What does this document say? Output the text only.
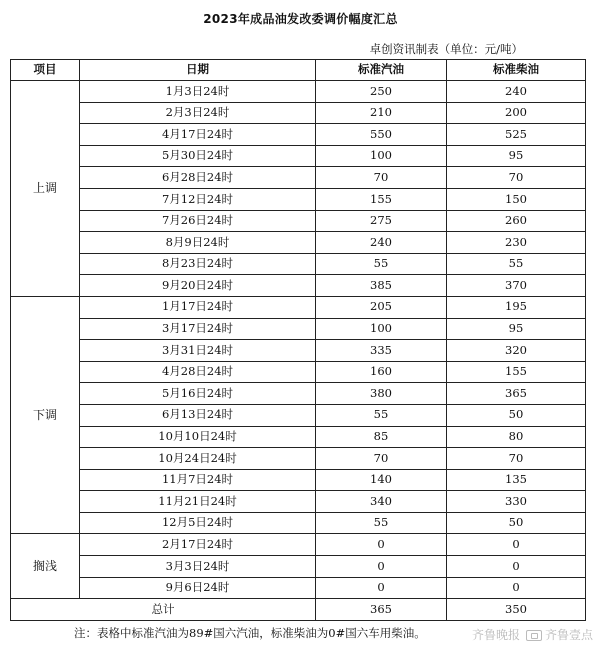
2023年成品油发改委调价幅度汇总
卓创资讯制表（单位：元/吨）
项目	日期	标准汽油	标准柴油
上调	1月3日24时	250	240
	2月3日24时	210	200
	4月17日24时	550	525
	5月30日24时	100	95
	6月28日24时	70	70
	7月12日24时	155	150
	7月26日24时	275	260
	8月9日24时	240	230
	8月23日24时	55	55
	9月20日24时	385	370
下调	1月17日24时	205	195
	3月17日24时	100	95
	3月31日24时	335	320
	4月28日24时	160	155
	5月16日24时	380	365
	6月13日24时	55	50
	10月10日24时	85	80
	10月24日24时	70	70
	11月7日24时	140	135
	11月21日24时	340	330
	12月5日24时	55	50
搁浅	2月17日24时	0	0
	3月3日24时	0	0
	9月6日24时	0	0
总计		365	350
注：表格中标准汽油为89#国六汽油，标准柴油为0#国六车用柴油。	齐鲁晚报 齐鲁壹点
